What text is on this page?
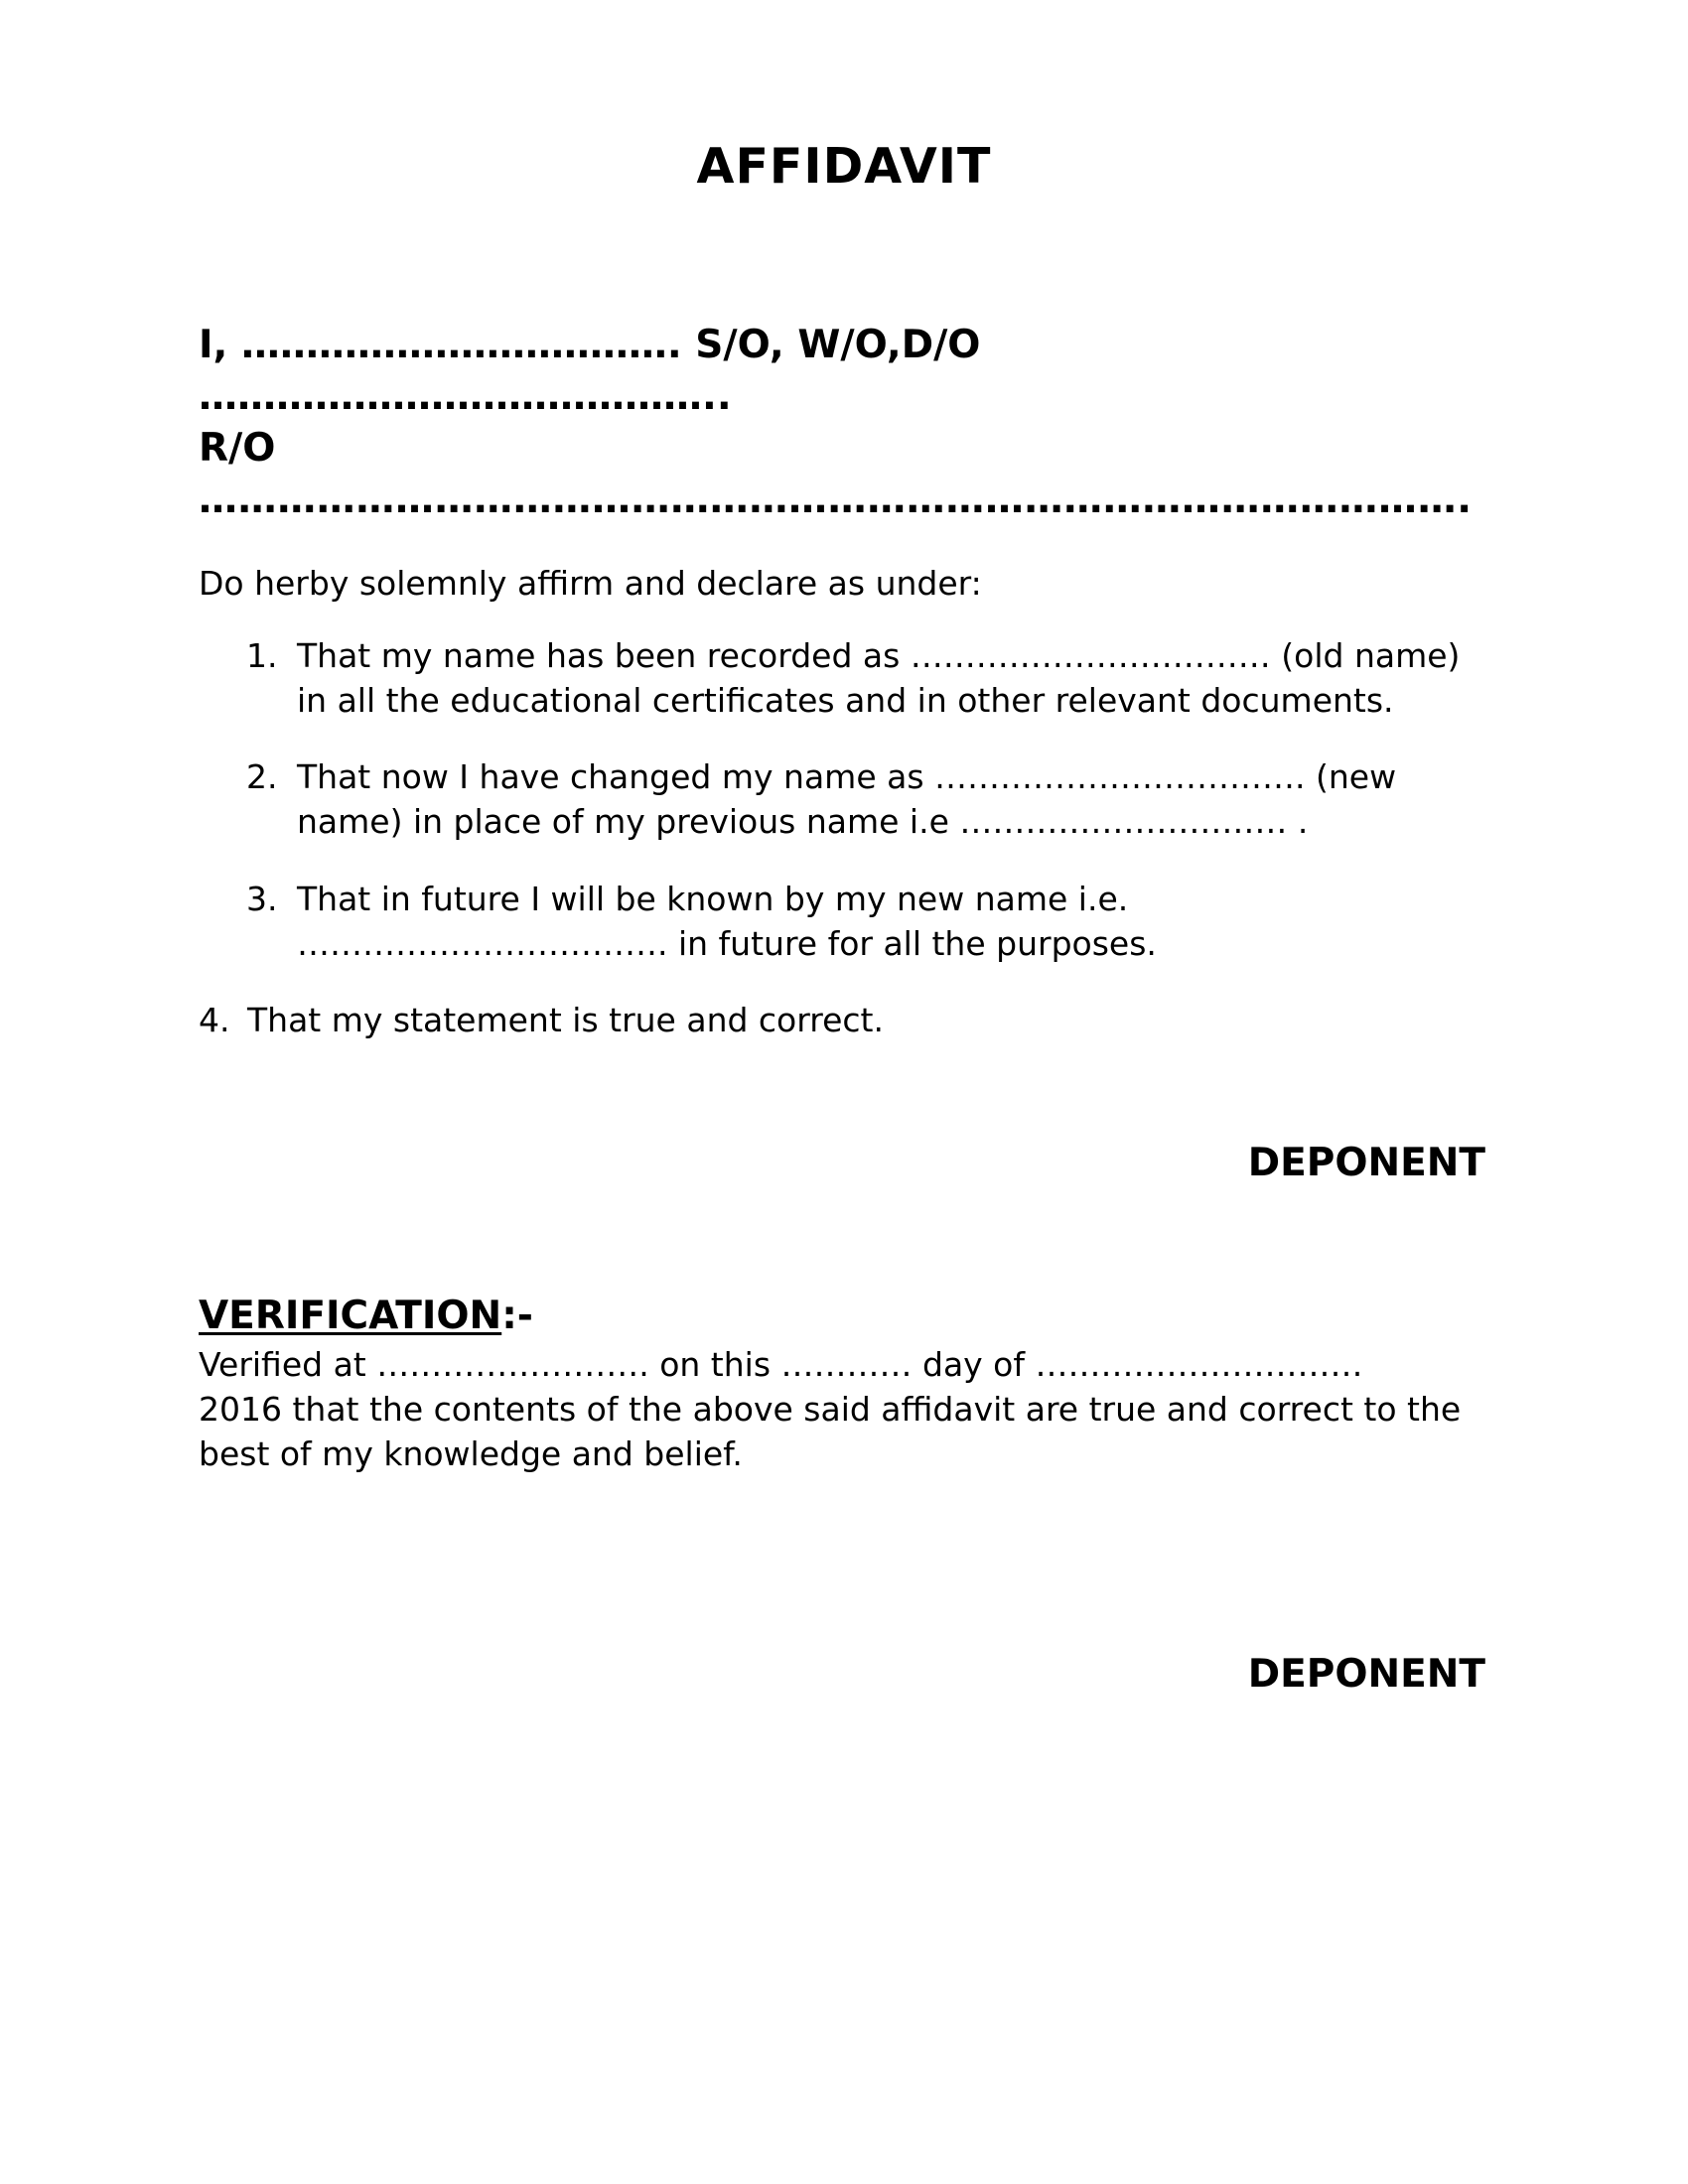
AFFIDAVIT
I, ……………………………. S/O, W/O,D/O
…………………………………..
R/O
…………………………………………………………………………………….
Do herby solemnly affirm and declare as under:
1. That my name has been recorded as …………………………… (old name)
in all the educational certificates and in other relevant documents.
2. That now I have changed my name as ……………………………. (new
name) in place of my previous name i.e ………………………… .
3. That in future I will be known by my new name i.e.
……………………………. in future for all the purposes.
4. That my statement is true and correct.
DEPONENT
VERIFICATION:-
Verified at ……………………. on this ………… day of …………………………
2016 that the contents of the above said affidavit are true and correct to the
best of my knowledge and belief.
DEPONENT
